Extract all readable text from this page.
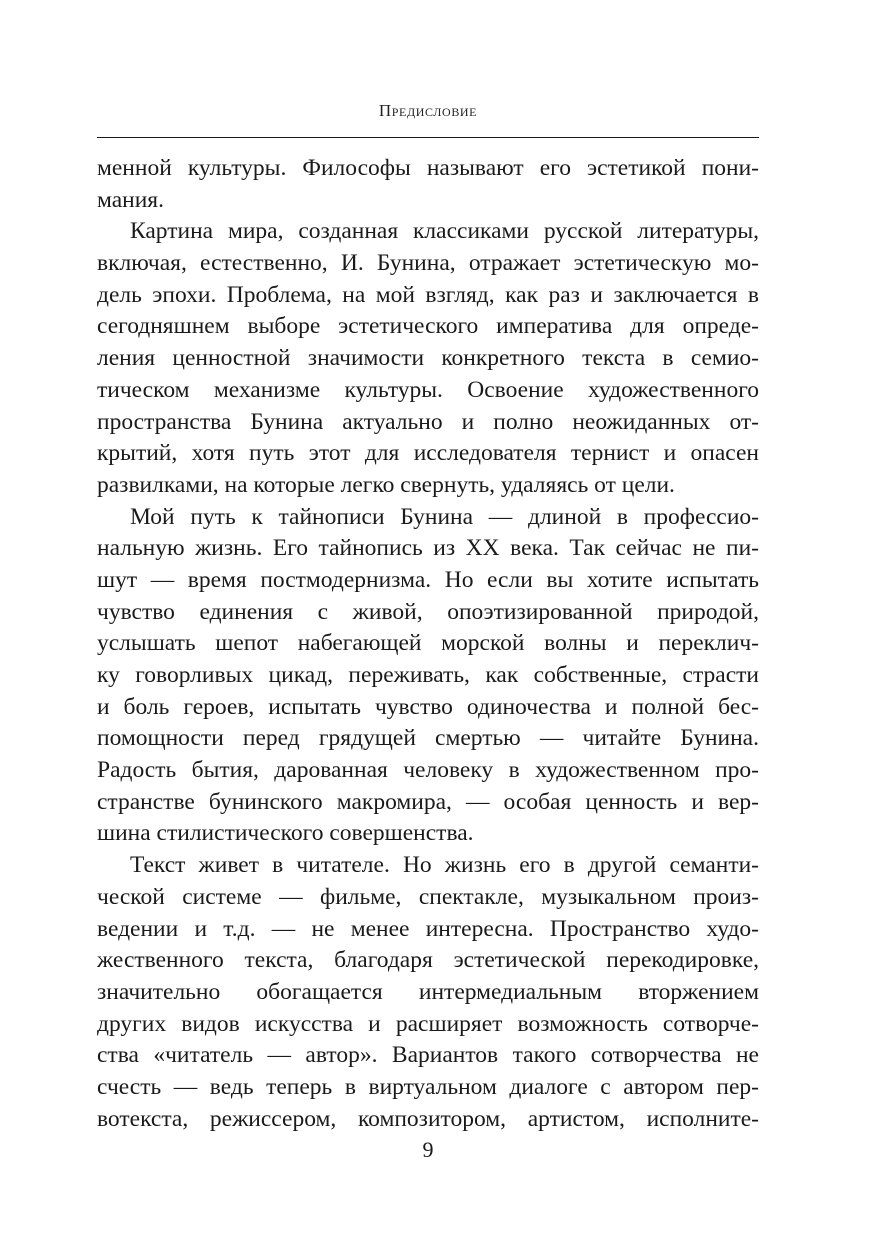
Предисловие
менной культуры. Философы называют его эстетикой пони-
мания.
Картина мира, созданная классиками русской литературы,
включая, естественно, И. Бунина, отражает эстетическую мо-
дель эпохи. Проблема, на мой взгляд, как раз и заключается в
сегодняшнем выборе эстетического императива для опреде-
ления ценностной значимости конкретного текста в семио-
тическом механизме культуры. Освоение художественного
пространства Бунина актуально и полно неожиданных от-
крытий, хотя путь этот для исследователя тернист и опасен
развилками, на которые легко свернуть, удаляясь от цели.
Мой путь к тайнописи Бунина — длиной в профессио-
нальную жизнь. Его тайнопись из XX века. Так сейчас не пи-
шут — время постмодернизма. Но если вы хотите испытать
чувство единения с живой, опоэтизированной природой,
услышать шепот набегающей морской волны и переклич-
ку говорливых цикад, переживать, как собственные, страсти
и боль героев, испытать чувство одиночества и полной бес-
помощности перед грядущей смертью — читайте Бунина.
Радость бытия, дарованная человеку в художественном про-
странстве бунинского макромира, — особая ценность и вер-
шина стилистического совершенства.
Текст живет в читателе. Но жизнь его в другой семанти-
ческой системе — фильме, спектакле, музыкальном произ-
ведении и т.д. — не менее интересна. Пространство худо-
жественного текста, благодаря эстетической перекодировке,
значительно обогащается интермедиальным вторжением
других видов искусства и расширяет возможность сотворче-
ства «читатель — автор». Вариантов такого сотворчества не
счесть — ведь теперь в виртуальном диалоге с автором пер-
вотекста, режиссером, композитором, артистом, исполните-
9
